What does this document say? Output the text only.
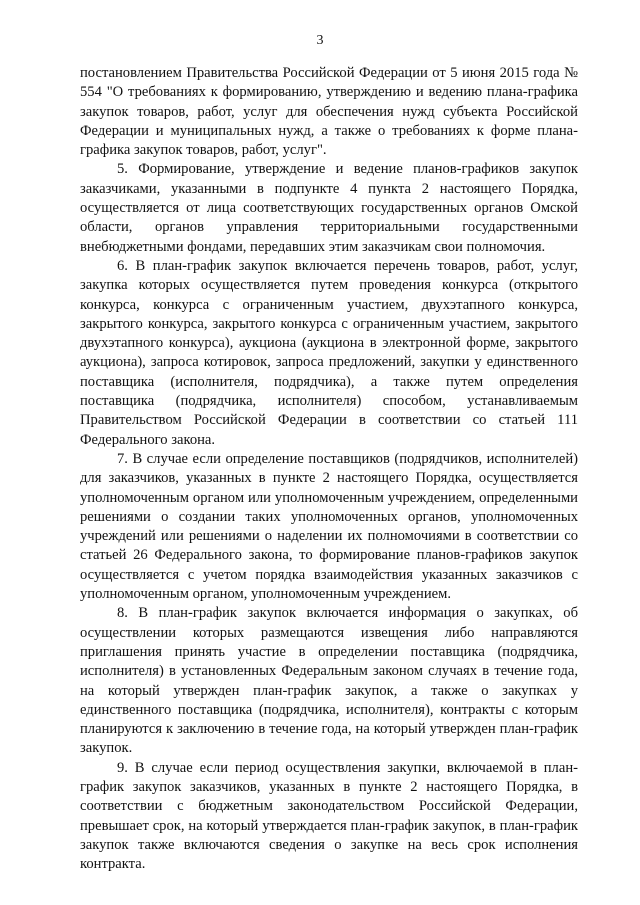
3

постановлением Правительства Российской Федерации от 5 июня 2015 года № 554 "О требованиях к формированию, утверждению и ведению плана-графика закупок товаров, работ, услуг для обеспечения нужд субъекта Российской Федерации и муниципальных нужд, а также о требованиях к форме плана-графика закупок товаров, работ, услуг".

5. Формирование, утверждение и ведение планов-графиков закупок заказчиками, указанными в подпункте 4 пункта 2 настоящего Порядка, осуществляется от лица соответствующих государственных органов Омской области, органов управления территориальными государственными внебюджетными фондами, передавших этим заказчикам свои полномочия.

6. В план-график закупок включается перечень товаров, работ, услуг, закупка которых осуществляется путем проведения конкурса (открытого конкурса, конкурса с ограниченным участием, двухэтапного конкурса, закрытого конкурса, закрытого конкурса с ограниченным участием, закрытого двухэтапного конкурса), аукциона (аукциона в электронной форме, закрытого аукциона), запроса котировок, запроса предложений, закупки у единственного поставщика (исполнителя, подрядчика), а также путем определения поставщика (подрядчика, исполнителя) способом, устанавливаемым Правительством Российской Федерации в соответствии со статьей 111 Федерального закона.

7. В случае если определение поставщиков (подрядчиков, исполнителей) для заказчиков, указанных в пункте 2 настоящего Порядка, осуществляется уполномоченным органом или уполномоченным учреждением, определенными решениями о создании таких уполномоченных органов, уполномоченных учреждений или решениями о наделении их полномочиями в соответствии со статьей 26 Федерального закона, то формирование планов-графиков закупок осуществляется с учетом порядка взаимодействия указанных заказчиков с уполномоченным органом, уполномоченным учреждением.

8. В план-график закупок включается информация о закупках, об осуществлении которых размещаются извещения либо направляются приглашения принять участие в определении поставщика (подрядчика, исполнителя) в установленных Федеральным законом случаях в течение года, на который утвержден план-график закупок, а также о закупках у единственного поставщика (подрядчика, исполнителя), контракты с которым планируются к заключению в течение года, на который утвержден план-график закупок.

9. В случае если период осуществления закупки, включаемой в план-график закупок заказчиков, указанных в пункте 2 настоящего Порядка, в соответствии с бюджетным законодательством Российской Федерации, превышает срок, на который утверждается план-график закупок, в план-график закупок также включаются сведения о закупке на весь срок исполнения контракта.
